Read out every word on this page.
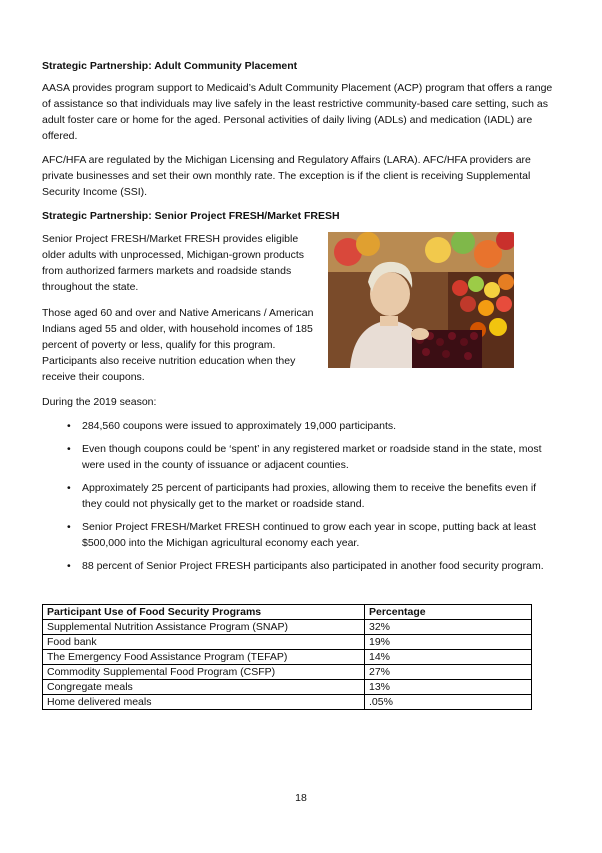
Strategic Partnership: Adult Community Placement
AASA provides program support to Medicaid’s Adult Community Placement (ACP) program that offers a range of assistance so that individuals may live safely in the least restrictive community-based care setting, such as adult foster care or home for the aged. Personal activities of daily living (ADLs) and medication (IADL) are offered.
AFC/HFA are regulated by the Michigan Licensing and Regulatory Affairs (LARA). AFC/HFA providers are private businesses and set their own monthly rate. The exception is if the client is receiving Supplemental Security Income (SSI).
Strategic Partnership: Senior Project FRESH/Market FRESH
Senior Project FRESH/Market FRESH provides eligible older adults with unprocessed, Michigan-grown products from authorized farmers markets and roadside stands throughout the state.
Those aged 60 and over and Native Americans / American Indians aged 55 and older, with household incomes of 185 percent of poverty or less, qualify for this program. Participants also receive nutrition education when they receive their coupons.
During the 2019 season:
• 284,560 coupons were issued to approximately 19,000 participants.
• Even though coupons could be ‘spent’ in any registered market or roadside stand in the state, most were used in the county of issuance or adjacent counties.
• Approximately 25 percent of participants had proxies, allowing them to receive the benefits even if they could not physically get to the market or roadside stand.
• Senior Project FRESH/Market FRESH continued to grow each year in scope, putting back at least $500,000 into the Michigan agricultural economy each year.
• 88 percent of Senior Project FRESH participants also participated in another food security program.
Participant Use of Food Security Programs	Percentage
Supplemental Nutrition Assistance Program (SNAP)	32%
Food bank	19%
The Emergency Food Assistance Program (TEFAP)	14%
Commodity Supplemental Food Program (CSFP)	27%
Congregate meals	13%
Home delivered meals	.05%
18
